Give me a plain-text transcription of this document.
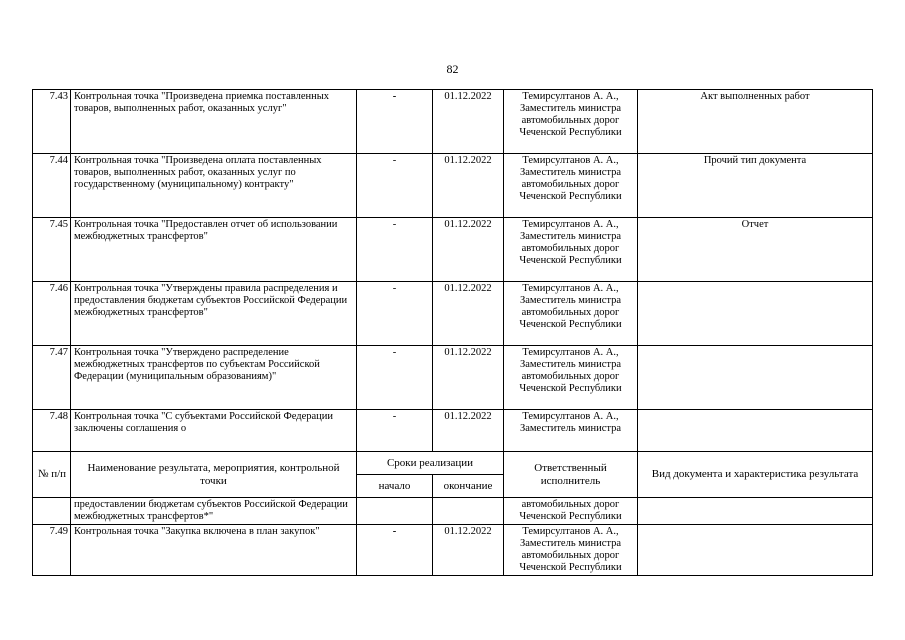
82
7.43	Контрольная точка "Произведена приемка поставленных товаров, выполненных работ, оказанных услуг"	-	01.12.2022	Темирсултанов А. А., Заместитель министра автомобильных дорог Чеченской Республики	Акт выполненных работ
7.44	Контрольная точка "Произведена оплата поставленных товаров, выполненных работ, оказанных услуг по государственному (муниципальному) контракту"	-	01.12.2022	Темирсултанов А. А., Заместитель министра автомобильных дорог Чеченской Республики	Прочий тип документа
7.45	Контрольная точка "Предоставлен отчет об использовании межбюджетных трансфертов"	-	01.12.2022	Темирсултанов А. А., Заместитель министра автомобильных дорог Чеченской Республики	Отчет
7.46	Контрольная точка "Утверждены правила распределения и предоставления бюджетам субъектов Российской Федерации межбюджетных трансфертов"	-	01.12.2022	Темирсултанов А. А., Заместитель министра автомобильных дорог Чеченской Республики	
7.47	Контрольная точка "Утверждено распределение межбюджетных трансфертов по субъектам Российской Федерации (муниципальным образованиям)"	-	01.12.2022	Темирсултанов А. А., Заместитель министра автомобильных дорог Чеченской Республики	
7.48	Контрольная точка "С субъектами Российской Федерации заключены соглашения о	-	01.12.2022	Темирсултанов А. А., Заместитель министра	
№ п/п	Наименование результата, мероприятия, контрольной точки	Сроки реализации		Ответственный исполнитель	Вид документа и характеристика результата
		начало	окончание		
	предоставлении бюджетам субъектов Российской Федерации межбюджетных трансфертов*"			автомобильных дорог Чеченской Республики	
7.49	Контрольная точка "Закупка включена в план закупок"	-	01.12.2022	Темирсултанов А. А., Заместитель министра автомобильных дорог Чеченской Республики	
